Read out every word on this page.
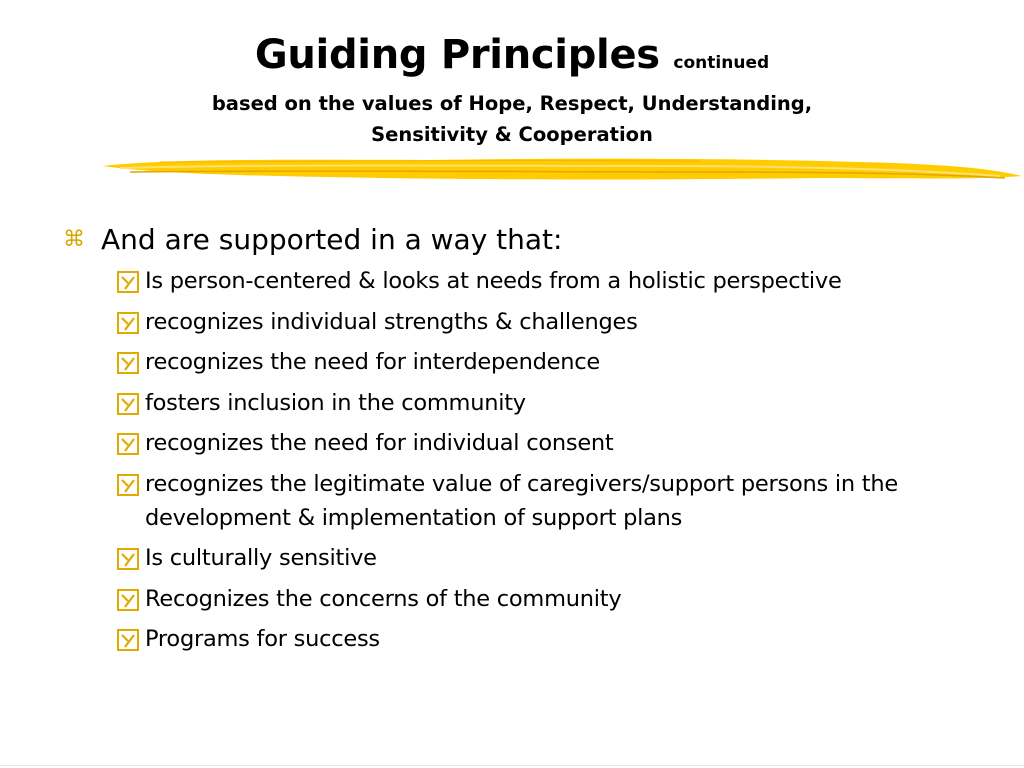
Guiding Principles continued
based on the values of Hope, Respect, Understanding,
Sensitivity & Cooperation
⌘ And are supported in a way that:
Is person-centered & looks at needs from a holistic perspective
recognizes individual strengths & challenges
recognizes the need for interdependence
fosters inclusion in the community
recognizes the need for individual consent
recognizes the legitimate value of caregivers/support persons in the development & implementation of support plans
Is culturally sensitive
Recognizes the concerns of the community
Programs for success
